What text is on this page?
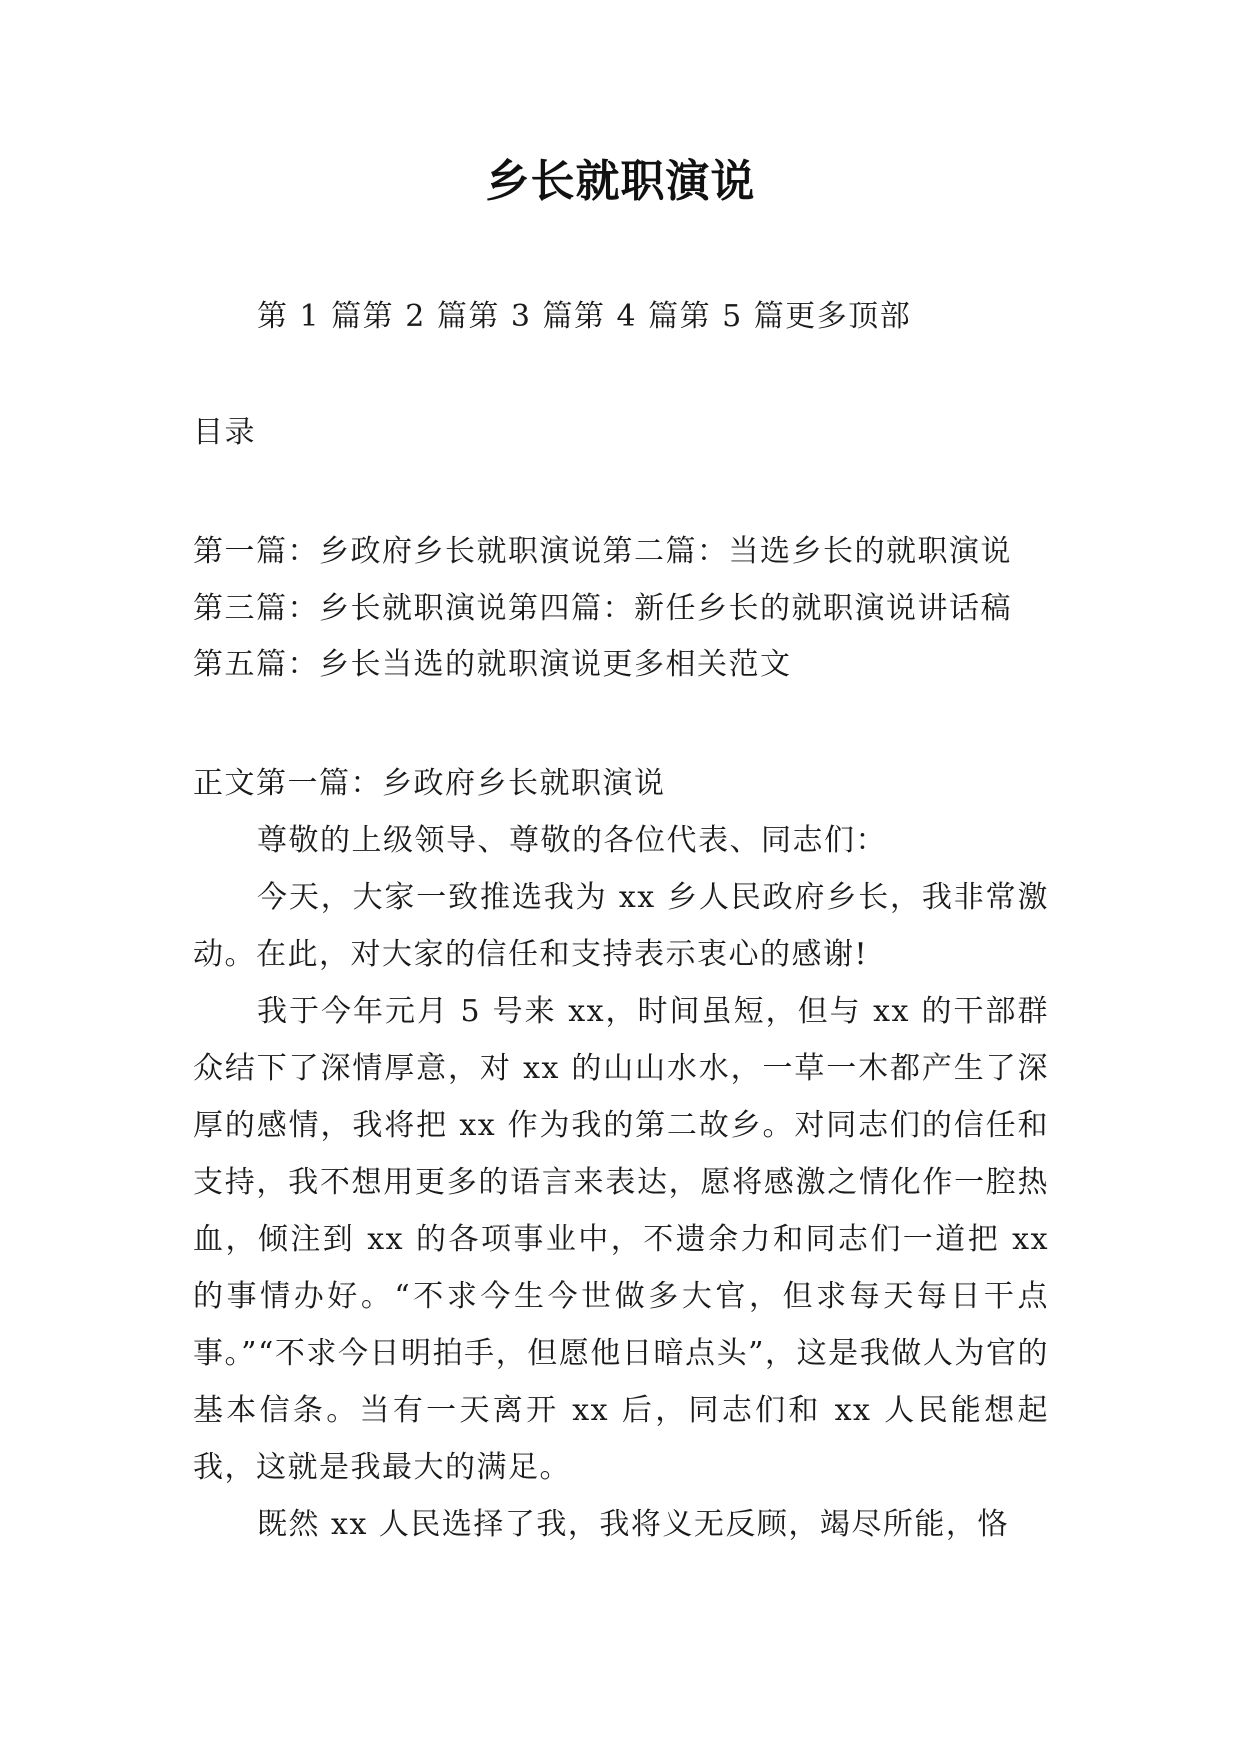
乡长就职演说
第 1 篇第 2 篇第 3 篇第 4 篇第 5 篇更多顶部
目录
第一篇：乡政府乡长就职演说第二篇：当选乡长的就职演说
第三篇：乡长就职演说第四篇：新任乡长的就职演说讲话稿
第五篇：乡长当选的就职演说更多相关范文
正文第一篇：乡政府乡长就职演说

尊敬的上级领导、尊敬的各位代表、同志们：

今天，大家一致推选我为 xx 乡人民政府乡长，我非常激动。在此，对大家的信任和支持表示衷心的感谢!

我于今年元月 5 号来 xx，时间虽短，但与 xx 的干部群众结下了深情厚意，对 xx 的山山水水，一草一木都产生了深厚的感情，我将把 xx 作为我的第二故乡。对同志们的信任和支持，我不想用更多的语言来表达，愿将感激之情化作一腔热血，倾注到 xx 的各项事业中，不遗余力和同志们一道把 xx 的事情办好。“不求今生今世做多大官，但求每天每日干点事。”“不求今日明拍手，但愿他日暗点头”，这是我做人为官的基本信条。当有一天离开 xx 后，同志们和 xx 人民能想起我，这就是我最大的满足。

既然 xx 人民选择了我，我将义无反顾，竭尽所能，恪
